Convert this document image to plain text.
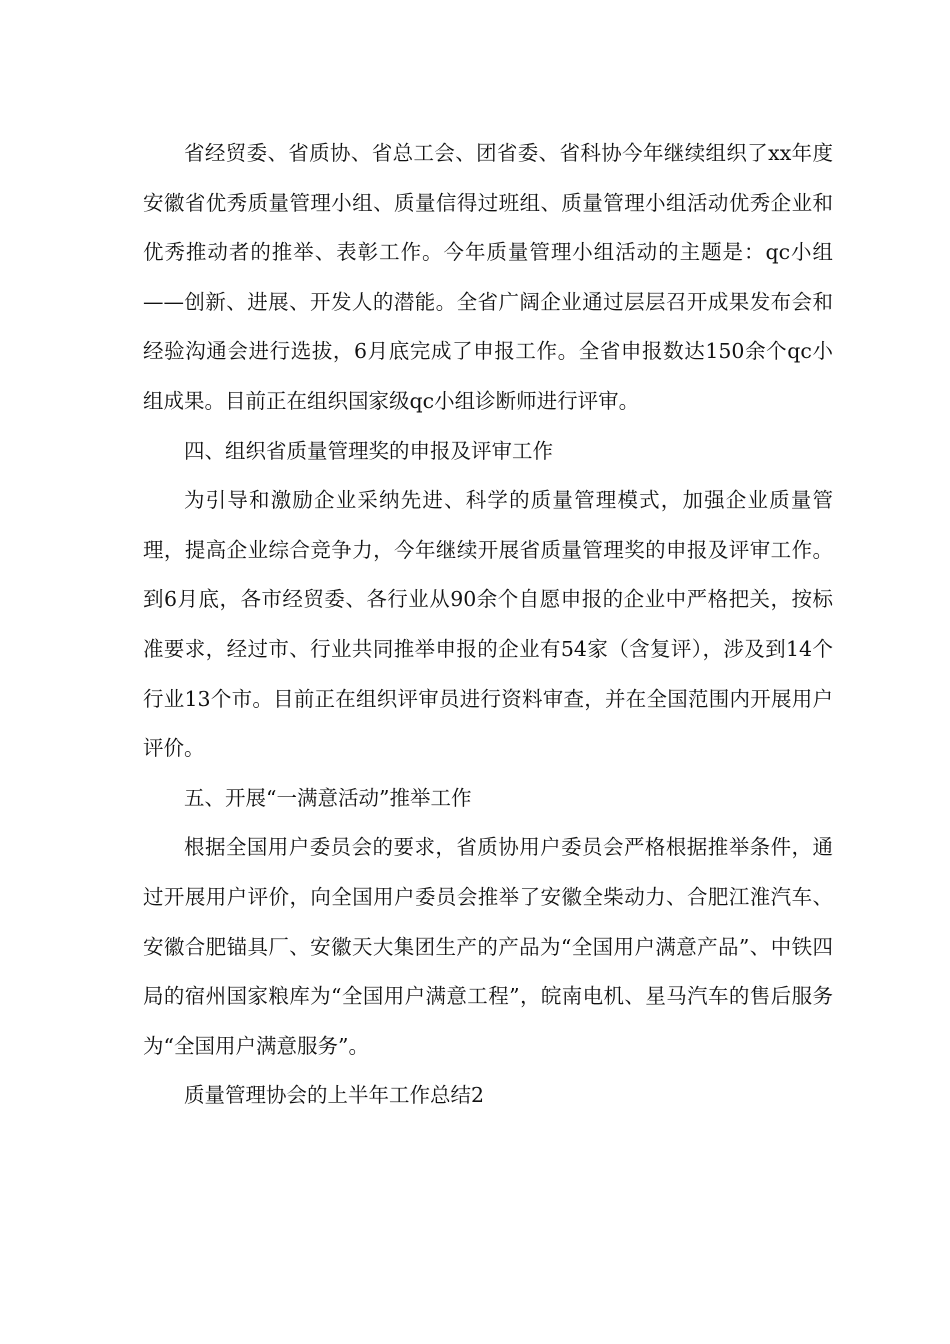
省经贸委、省质协、省总工会、团省委、省科协今年继续组织了xx年度安徽省优秀质量管理小组、质量信得过班组、质量管理小组活动优秀企业和优秀推动者的推举、表彰工作。今年质量管理小组活动的主题是：qc小组——创新、进展、开发人的潜能。全省广阔企业通过层层召开成果发布会和经验沟通会进行选拔，6月底完成了申报工作。全省申报数达150余个qc小组成果。目前正在组织国家级qc小组诊断师进行评审。

四、组织省质量管理奖的申报及评审工作

为引导和激励企业采纳先进、科学的质量管理模式，加强企业质量管理，提高企业综合竞争力，今年继续开展省质量管理奖的申报及评审工作。到6月底，各市经贸委、各行业从90余个自愿申报的企业中严格把关，按标准要求，经过市、行业共同推举申报的企业有54家（含复评），涉及到14个行业13个市。目前正在组织评审员进行资料审查，并在全国范围内开展用户评价。

五、开展“一满意活动”推举工作

根据全国用户委员会的要求，省质协用户委员会严格根据推举条件，通过开展用户评价，向全国用户委员会推举了安徽全柴动力、合肥江淮汽车、安徽合肥锚具厂、安徽天大集团生产的产品为“全国用户满意产品”、中铁四局的宿州国家粮库为“全国用户满意工程”，皖南电机、星马汽车的售后服务为“全国用户满意服务”。

质量管理协会的上半年工作总结2
